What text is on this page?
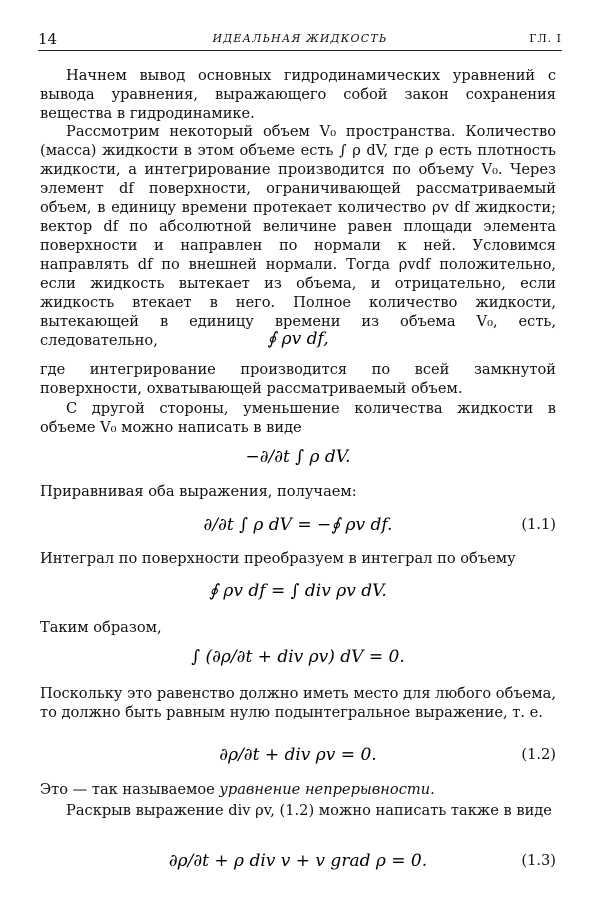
14	ИДЕАЛЬНАЯ ЖИДКОСТЬ	ГЛ. I
Начнем вывод основных гидродинамических уравнений с вывода уравнения, выражающего собой закон сохранения вещества в гидродинамике.
Рассмотрим некоторый объем V₀ пространства. Количество (масса) жидкости в этом объеме есть ∫ ρ dV, где ρ есть плотность жидкости, а интегрирование производится по объему V₀. Через элемент df поверхности, ограничивающей рассматриваемый объем, в единицу времени протекает количество ρv df жидкости; вектор df по абсолютной величине равен площади элемента поверхности и направлен по нормали к ней. Условимся направлять df по внешней нормали. Тогда ρvdf положительно, если жидкость вытекает из объема, и отрицательно, если жидкость втекает в него. Полное количество жидкости, вытекающей в единицу времени из объема V₀, есть, следовательно,	∮ ρv df,
где интегрирование производится по всей замкнутой поверхности, охватывающей рассматриваемый объем.
С другой стороны, уменьшение количества жидкости в объеме V₀ можно написать в виде
−∂/∂t ∫ ρ dV.
Приравнивая оба выражения, получаем:
∂/∂t ∫ ρ dV = −∮ ρv df.	(1.1)
Интеграл по поверхности преобразуем в интеграл по объему
∮ ρv df = ∫ div ρv dV.
Таким образом,
∫ (∂ρ/∂t + div ρv) dV = 0.
Поскольку это равенство должно иметь место для любого объема, то должно быть равным нулю подынтегральное выражение, т. е.
∂ρ/∂t + div ρv = 0.	(1.2)
Это — так называемое уравнение непрерывности.
Раскрыв выражение div ρv, (1.2) можно написать также в виде
∂ρ/∂t + ρ div v + v grad ρ = 0.	(1.3)
